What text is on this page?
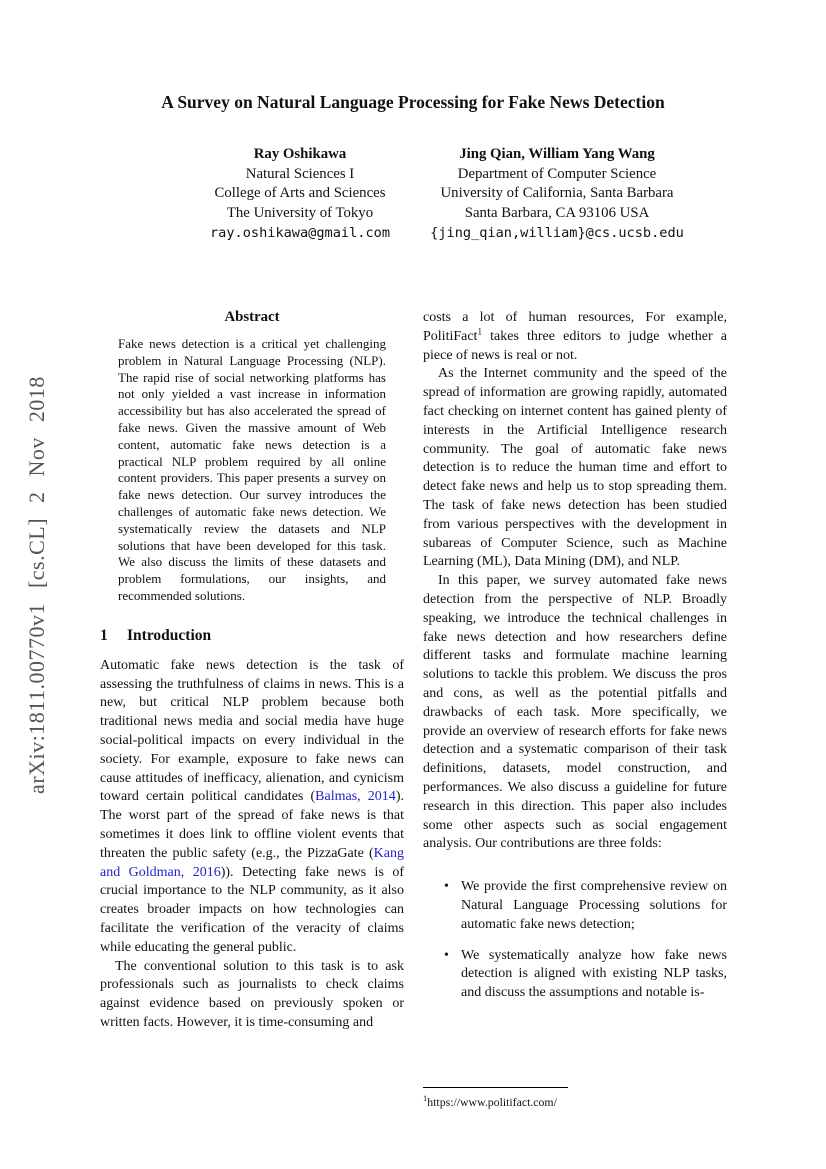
arXiv:1811.00770v1 [cs.CL] 2 Nov 2018
A Survey on Natural Language Processing for Fake News Detection
Ray Oshikawa
Natural Sciences I
College of Arts and Sciences
The University of Tokyo
ray.oshikawa@gmail.com
Jing Qian, William Yang Wang
Department of Computer Science
University of California, Santa Barbara
Santa Barbara, CA 93106 USA
{jing_qian,william}@cs.ucsb.edu
Abstract

Fake news detection is a critical yet challenging problem in Natural Language Processing (NLP). The rapid rise of social networking platforms has not only yielded a vast increase in information accessibility but has also accelerated the spread of fake news. Given the massive amount of Web content, automatic fake news detection is a practical NLP problem required by all online content providers. This paper presents a survey on fake news detection. Our survey introduces the challenges of automatic fake news detection. We systematically review the datasets and NLP solutions that have been developed for this task. We also discuss the limits of these datasets and problem formulations, our insights, and recommended solutions.

1 Introduction

Automatic fake news detection is the task of assessing the truthfulness of claims in news. This is a new, but critical NLP problem because both traditional news media and social media have huge social-political impacts on every individual in the society. For example, exposure to fake news can cause attitudes of inefficacy, alienation, and cynicism toward certain political candidates (Balmas, 2014). The worst part of the spread of fake news is that sometimes it does link to offline violent events that threaten the public safety (e.g., the PizzaGate (Kang and Goldman, 2016)). Detecting fake news is of crucial importance to the NLP community, as it also creates broader impacts on how technologies can facilitate the verification of the veracity of claims while educating the general public.

The conventional solution to this task is to ask professionals such as journalists to check claims against evidence based on previously spoken or written facts. However, it is time-consuming and

costs a lot of human resources, For example, PolitiFact$^1$ takes three editors to judge whether a piece of news is real or not.

As the Internet community and the speed of the spread of information are growing rapidly, automated fact checking on internet content has gained plenty of interests in the Artificial Intelligence research community. The goal of automatic fake news detection is to reduce the human time and effort to detect fake news and help us to stop spreading them. The task of fake news detection has been studied from various perspectives with the development in subareas of Computer Science, such as Machine Learning (ML), Data Mining (DM), and NLP.

In this paper, we survey automated fake news detection from the perspective of NLP. Broadly speaking, we introduce the technical challenges in fake news detection and how researchers define different tasks and formulate machine learning solutions to tackle this problem. We discuss the pros and cons, as well as the potential pitfalls and drawbacks of each task. More specifically, we provide an overview of research efforts for fake news detection and a systematic comparison of their task definitions, datasets, model construction, and performances. We also discuss a guideline for future research in this direction. This paper also includes some other aspects such as social engagement analysis. Our contributions are three folds:

• We provide the first comprehensive review on Natural Language Processing solutions for automatic fake news detection;
• We systematically analyze how fake news detection is aligned with existing NLP tasks, and discuss the assumptions and notable is-
$^1$https://www.politifact.com/
